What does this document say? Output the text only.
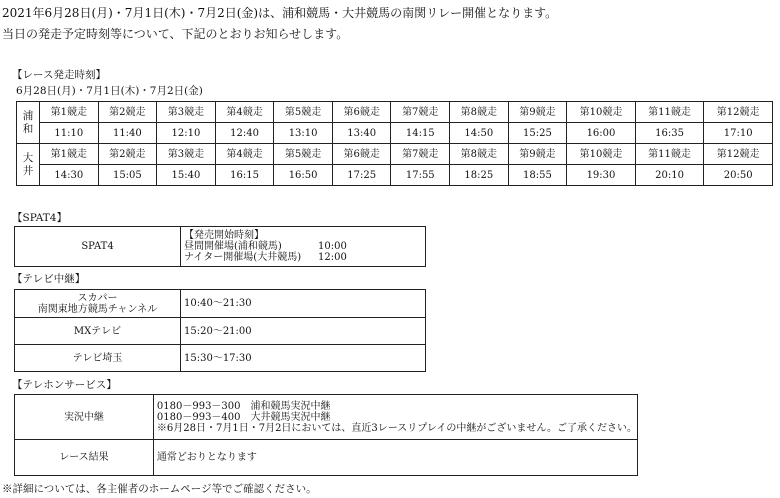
2021年6月28日(月)・7月1日(木)・7月2日(金)は、浦和競馬・大井競馬の南関リレー開催となります。
当日の発走予定時刻等について、下記のとおりお知らせします。
【レース発走時刻】
6月28日(月)・7月1日(木)・7月2日(金)
浦
和	第1競走	第2競走	第3競走	第4競走	第5競走	第6競走	第7競走	第8競走	第9競走	第10競走	第11競走	第12競走
	11:10	11:40	12:10	12:40	13:10	13:40	14:15	14:50	15:25	16:00	16:35	17:10

大
井	第1競走	第2競走	第3競走	第4競走	第5競走	第6競走	第7競走	第8競走	第9競走	第10競走	第11競走	第12競走
	14:30	15:05	15:40	16:15	16:50	17:25	17:55	18:25	18:55	19:30	20:10	20:50
【SPAT4】
SPAT4	
【発売開始時刻】
昼間開催場(浦和競馬)	10:00
ナイター開催場(大井競馬) 12:00
【テレビ中継】
スカパー
南関東地方競馬チャンネル	10:40～21:30
MXテレビ	15:20～21:00
テレビ埼玉	15:30～17:30
【テレホンサービス】
実況中継	0180－993－300　浦和競馬実況中継
0180－993－400　大井競馬実況中継
※6月28日・7月1日・7月2日においては、直近3レースリプレイの中継がございません。ご了承ください。

レース結果	通常どおりとなります
※詳細については、各主催者のホームページ等でご確認ください。
